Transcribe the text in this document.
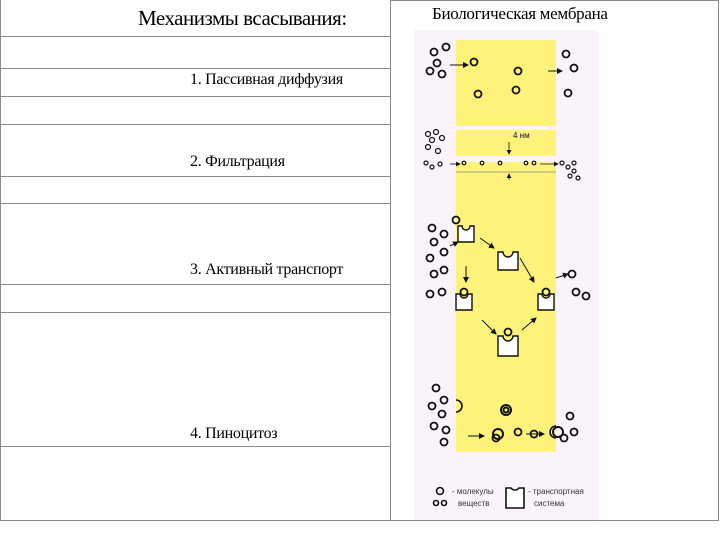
Механизмы всасывания:
1. Пассивная диффузия
2. Фильтрация
3. Активный транспорт
4. Пиноцитоз
Биологическая мембрана
4 нм
- молекулы
веществ
- транспортная
система
